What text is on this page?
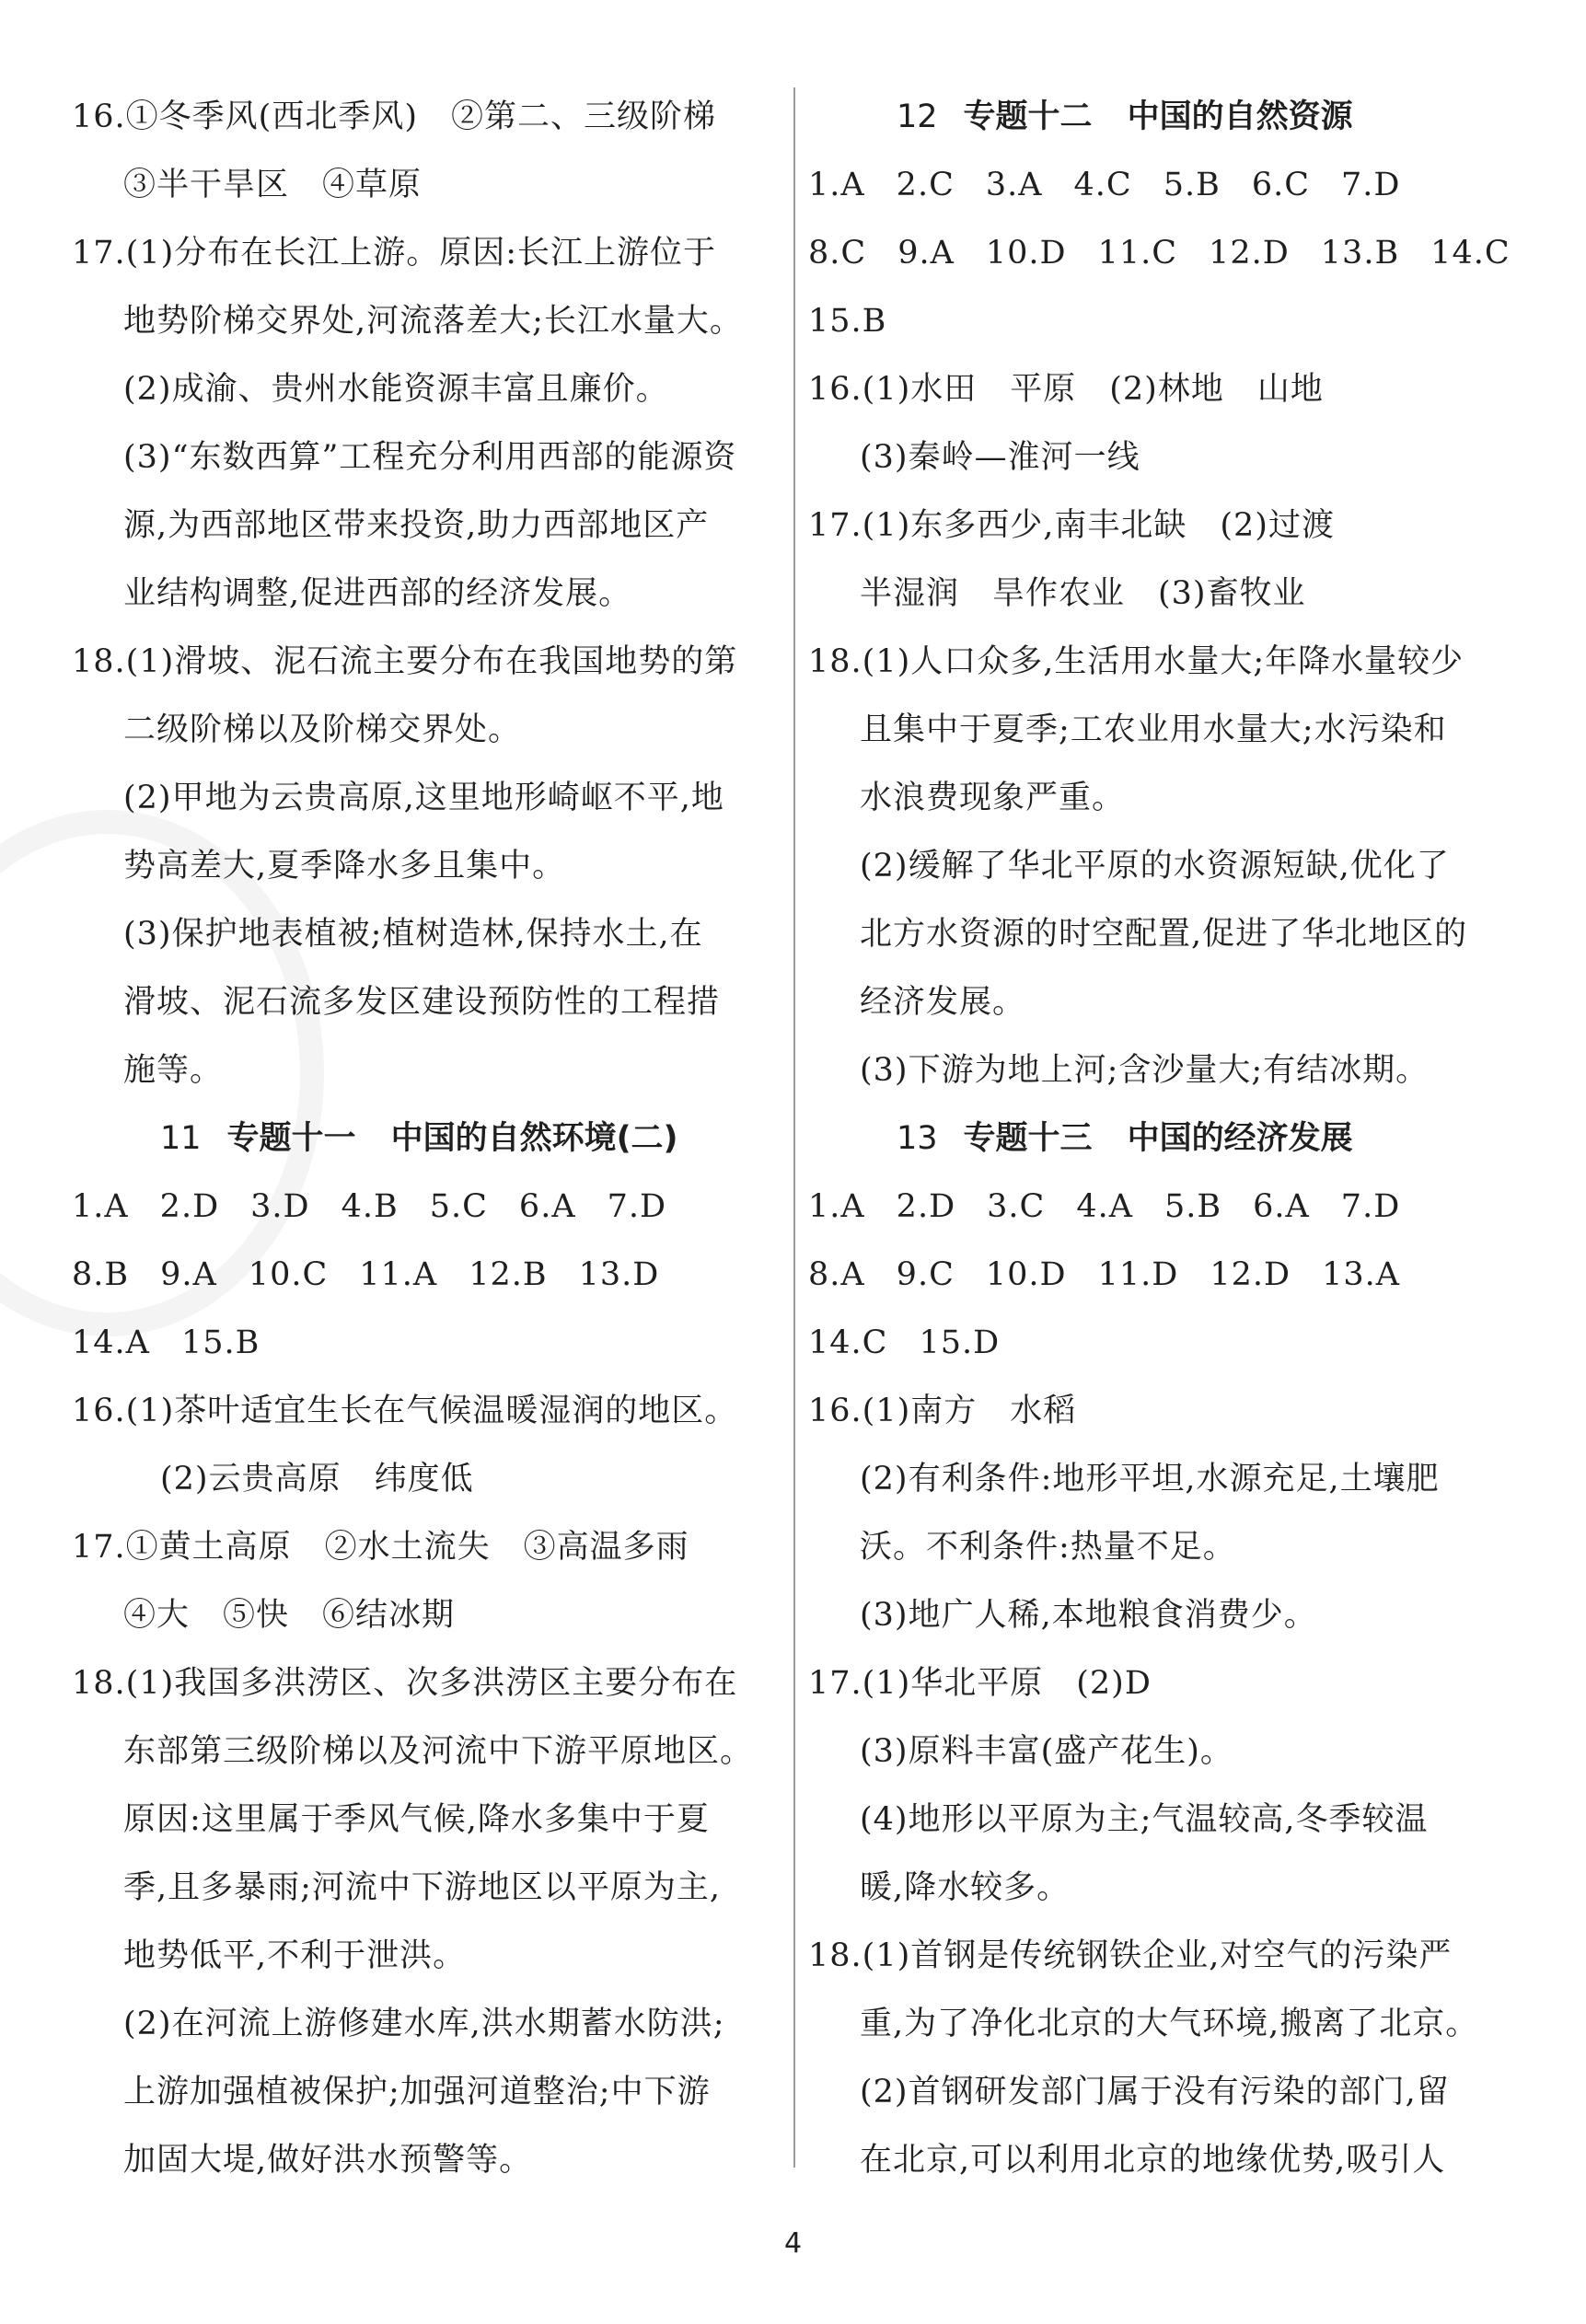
16.①冬季风(西北季风)　②第二、三级阶梯
③半干旱区　④草原
17.(1)分布在长江上游。原因:长江上游位于
地势阶梯交界处,河流落差大;长江水量大。
(2)成渝、贵州水能资源丰富且廉价。
(3)“东数西算”工程充分利用西部的能源资
源,为西部地区带来投资,助力西部地区产
业结构调整,促进西部的经济发展。
18.(1)滑坡、泥石流主要分布在我国地势的第
二级阶梯以及阶梯交界处。
(2)甲地为云贵高原,这里地形崎岖不平,地
势高差大,夏季降水多且集中。
(3)保护地表植被;植树造林,保持水土,在
滑坡、泥石流多发区建设预防性的工程措
施等。
11 专题十一 中国的自然环境(二)
1.A 2.D 3.D 4.B 5.C 6.A 7.D
8.B 9.A 10.C 11.A 12.B 13.D
14.A 15.B
16.(1)茶叶适宜生长在气候温暖湿润的地区。
(2)云贵高原　纬度低
17.①黄土高原　②水土流失　③高温多雨
④大　⑤快　⑥结冰期
18.(1)我国多洪涝区、次多洪涝区主要分布在
东部第三级阶梯以及河流中下游平原地区。
原因:这里属于季风气候,降水多集中于夏
季,且多暴雨;河流中下游地区以平原为主,
地势低平,不利于泄洪。
(2)在河流上游修建水库,洪水期蓄水防洪;
上游加强植被保护;加强河道整治;中下游
加固大堤,做好洪水预警等。
12 专题十二 中国的自然资源
1.A 2.C 3.A 4.C 5.B 6.C 7.D
8.C 9.A 10.D 11.C 12.D 13.B 14.C
15.B
16.(1)水田　平原　(2)林地　山地
(3)秦岭—淮河一线
17.(1)东多西少,南丰北缺　(2)过渡
半湿润　旱作农业　(3)畜牧业
18.(1)人口众多,生活用水量大;年降水量较少
且集中于夏季;工农业用水量大;水污染和
水浪费现象严重。
(2)缓解了华北平原的水资源短缺,优化了
北方水资源的时空配置,促进了华北地区的
经济发展。
(3)下游为地上河;含沙量大;有结冰期。
13 专题十三 中国的经济发展
1.A 2.D 3.C 4.A 5.B 6.A 7.D
8.A 9.C 10.D 11.D 12.D 13.A
14.C 15.D
16.(1)南方　水稻
(2)有利条件:地形平坦,水源充足,土壤肥
沃。不利条件:热量不足。
(3)地广人稀,本地粮食消费少。
17.(1)华北平原　(2)D
(3)原料丰富(盛产花生)。
(4)地形以平原为主;气温较高,冬季较温
暖,降水较多。
18.(1)首钢是传统钢铁企业,对空气的污染严
重,为了净化北京的大气环境,搬离了北京。
(2)首钢研发部门属于没有污染的部门,留
在北京,可以利用北京的地缘优势,吸引人
4
